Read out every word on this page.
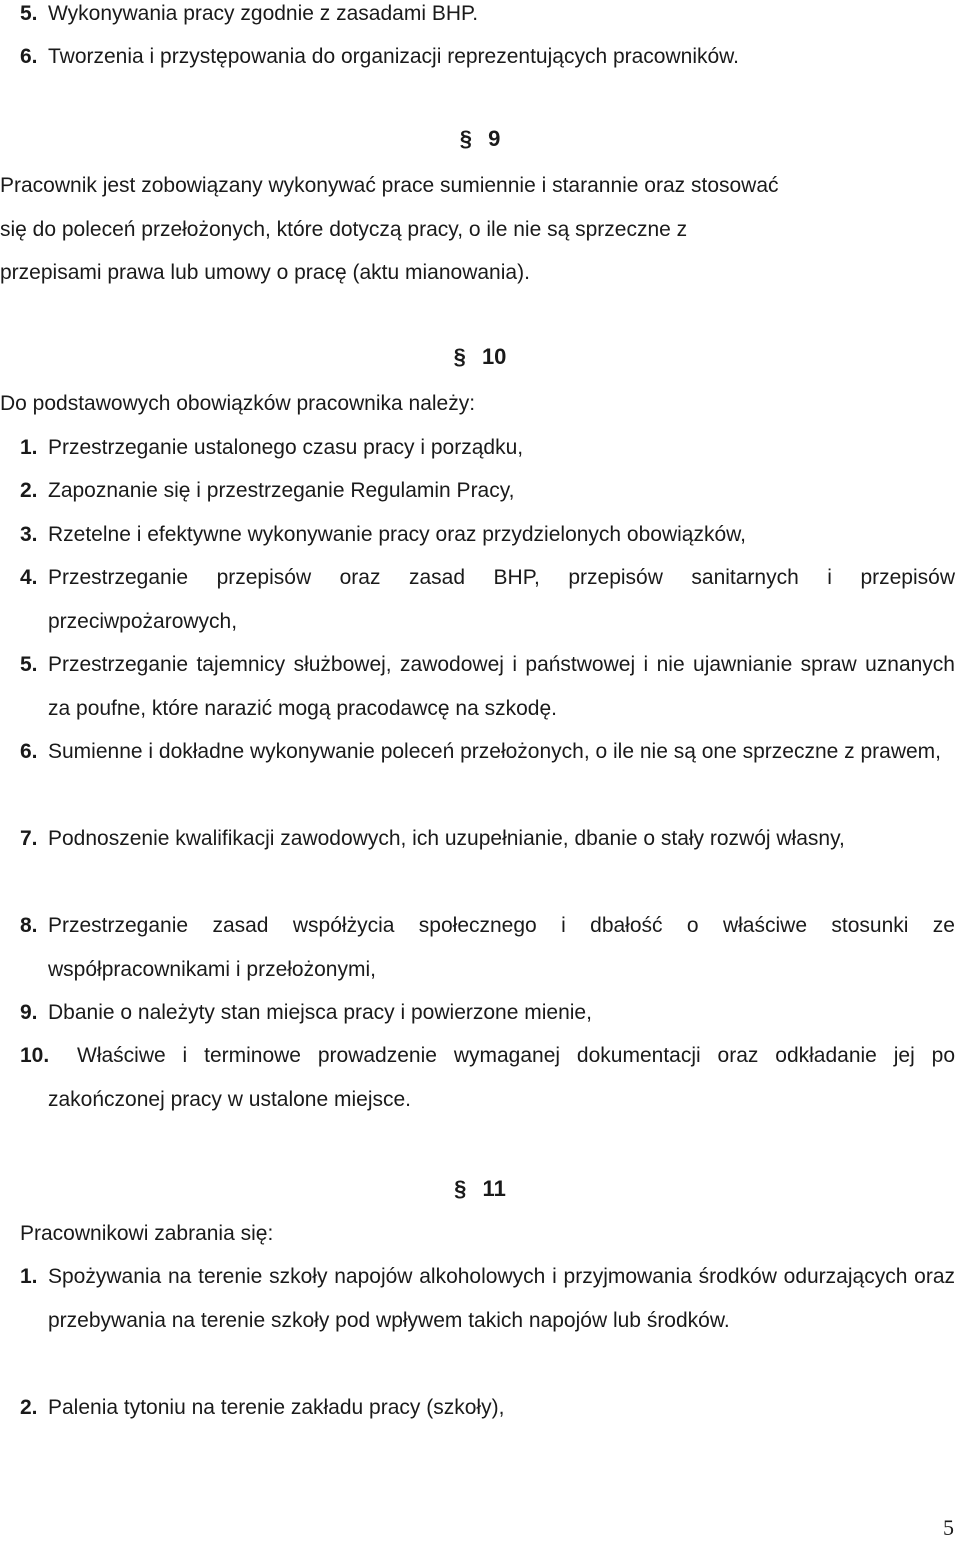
5. Wykonywania pracy zgodnie z zasadami BHP.
6. Tworzenia i przystępowania do organizacji reprezentujących pracowników.
§ 9
Pracownik jest zobowiązany wykonywać prace sumiennie i starannie oraz stosować
się do poleceń przełożonych, które dotyczą pracy, o ile nie są sprzeczne z
przepisami prawa lub umowy o pracę (aktu mianowania).
§ 10
Do podstawowych obowiązków pracownika należy:
1. Przestrzeganie ustalonego czasu pracy i porządku,
2. Zapoznanie się i przestrzeganie Regulamin Pracy,
3. Rzetelne i efektywne wykonywanie pracy oraz przydzielonych obowiązków,
4. Przestrzeganie przepisów oraz zasad BHP, przepisów sanitarnych i przepisów przeciwpożarowych,
5. Przestrzeganie tajemnicy służbowej, zawodowej i państwowej i nie ujawnianie spraw uznanych za poufne, które narazić mogą pracodawcę na szkodę.
6. Sumienne i dokładne wykonywanie poleceń przełożonych, o ile nie są one sprzeczne z prawem,
7. Podnoszenie kwalifikacji zawodowych, ich uzupełnianie, dbanie o stały rozwój własny,
8. Przestrzeganie zasad współżycia społecznego i dbałość o właściwe stosunki ze współpracownikami i przełożonymi,
9. Dbanie o należyty stan miejsca pracy i powierzone mienie,
10.	Właściwe i terminowe prowadzenie wymaganej dokumentacji oraz odkładanie jej po zakończonej pracy w ustalone miejsce.
§ 11
Pracownikowi zabrania się:
1. Spożywania na terenie szkoły napojów alkoholowych i przyjmowania środków odurzających oraz przebywania na terenie szkoły pod wpływem takich napojów lub środków.
2. Palenia tytoniu na terenie zakładu pracy (szkoły),
5
